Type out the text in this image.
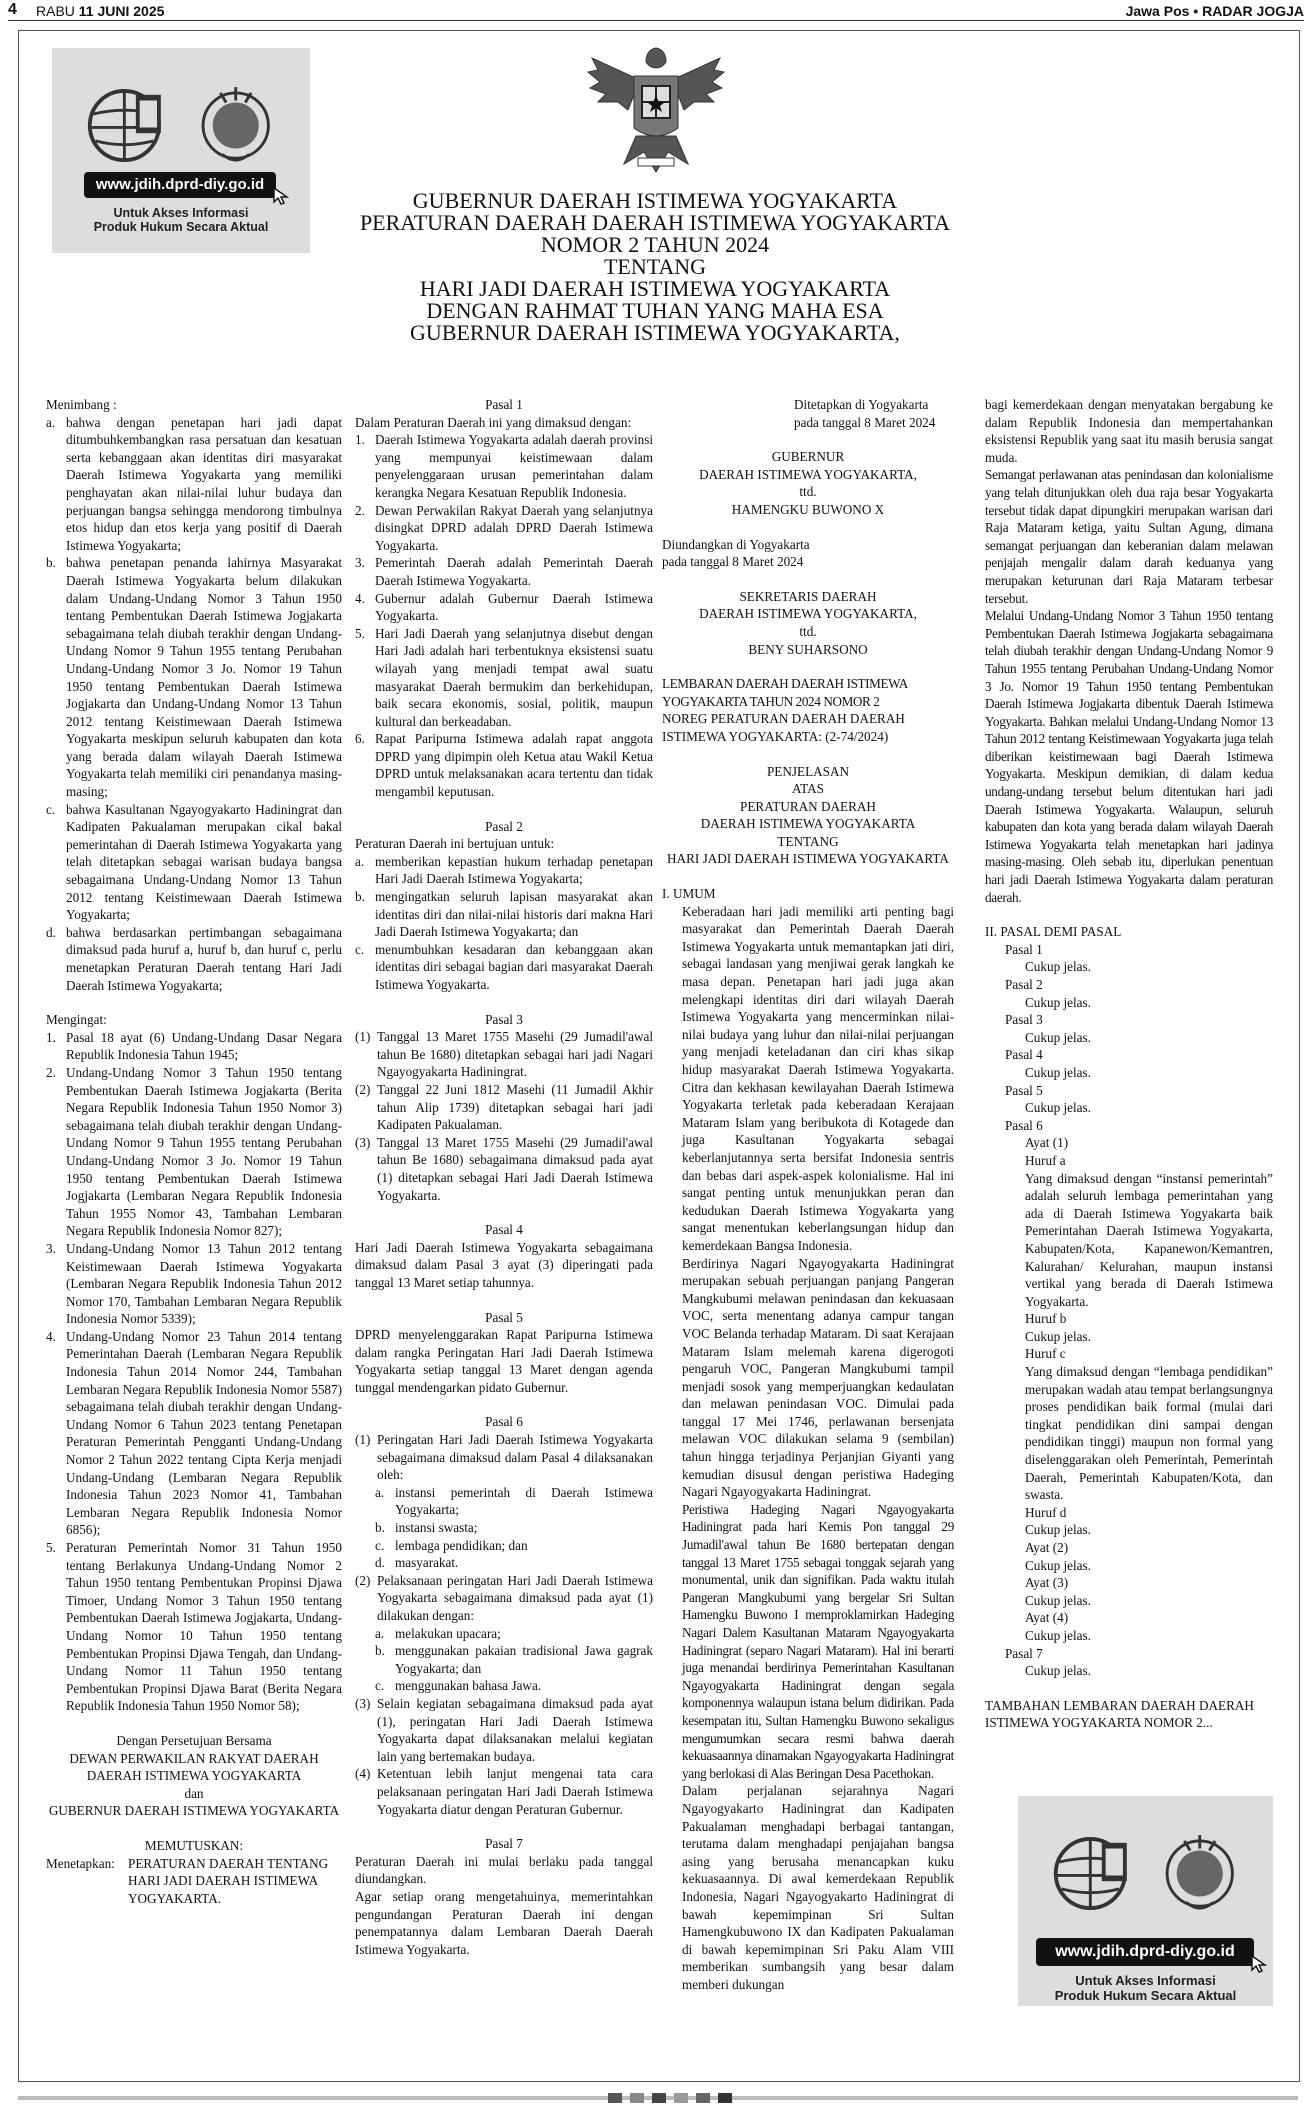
4 RABU 11 JUNI 2025	Jawa Pos • RADAR JOGJA
www.jdih.dprd-diy.go.id
Untuk Akses Informasi
Produk Hukum Secara Aktual
GUBERNUR DAERAH ISTIMEWA YOGYAKARTA
PERATURAN DAERAH DAERAH ISTIMEWA YOGYAKARTA
NOMOR 2 TAHUN 2024
TENTANG
HARI JADI DAERAH ISTIMEWA YOGYAKARTA
DENGAN RAHMAT TUHAN YANG MAHA ESA
GUBERNUR DAERAH ISTIMEWA YOGYAKARTA,
Menimbang :
a. bahwa dengan penetapan hari jadi dapat ditumbuhkembangkan rasa persatuan dan kesatuan serta kebanggaan akan identitas diri masyarakat Daerah Istimewa Yogyakarta yang memiliki penghayatan akan nilai-nilai luhur budaya dan perjuangan bangsa sehingga mendorong timbulnya etos hidup dan etos kerja yang positif di Daerah Istimewa Yogyakarta;
b. bahwa penetapan penanda lahirnya Masyarakat Daerah Istimewa Yogyakarta belum dilakukan dalam Undang-Undang Nomor 3 Tahun 1950 tentang Pembentukan Daerah Istimewa Jogjakarta sebagaimana telah diubah terakhir dengan Undang-Undang Nomor 9 Tahun 1955 tentang Perubahan Undang-Undang Nomor 3 Jo. Nomor 19 Tahun 1950 tentang Pembentukan Daerah Istimewa Jogjakarta dan Undang-Undang Nomor 13 Tahun 2012 tentang Keistimewaan Daerah Istimewa Yogyakarta meskipun seluruh kabupaten dan kota yang berada dalam wilayah Daerah Istimewa Yogyakarta telah memiliki ciri penandanya masing-masing;
c. bahwa Kasultanan Ngayogyakarto Hadiningrat dan Kadipaten Pakualaman merupakan cikal bakal pemerintahan di Daerah Istimewa Yogyakarta yang telah ditetapkan sebagai warisan budaya bangsa sebagaimana Undang-Undang Nomor 13 Tahun 2012 tentang Keistimewaan Daerah Istimewa Yogyakarta;
d. bahwa berdasarkan pertimbangan sebagaimana dimaksud pada huruf a, huruf b, dan huruf c, perlu menetapkan Peraturan Daerah tentang Hari Jadi Daerah Istimewa Yogyakarta;
Mengingat:
1. Pasal 18 ayat (6) Undang-Undang Dasar Negara Republik Indonesia Tahun 1945;
2. Undang-Undang Nomor 3 Tahun 1950 tentang Pembentukan Daerah Istimewa Jogjakarta (Berita Negara Republik Indonesia Tahun 1950 Nomor 3) sebagaimana telah diubah terakhir dengan Undang-Undang Nomor 9 Tahun 1955 tentang Perubahan Undang-Undang Nomor 3 Jo. Nomor 19 Tahun 1950 tentang Pembentukan Daerah Istimewa Jogjakarta (Lembaran Negara Republik Indonesia Tahun 1955 Nomor 43, Tambahan Lembaran Negara Republik Indonesia Nomor 827);
3. Undang-Undang Nomor 13 Tahun 2012 tentang Keistimewaan Daerah Istimewa Yogyakarta (Lembaran Negara Republik Indonesia Tahun 2012 Nomor 170, Tambahan Lembaran Negara Republik Indonesia Nomor 5339);
4. Undang-Undang Nomor 23 Tahun 2014 tentang Pemerintahan Daerah (Lembaran Negara Republik Indonesia Tahun 2014 Nomor 244, Tambahan Lembaran Negara Republik Indonesia Nomor 5587) sebagaimana telah diubah terakhir dengan Undang-Undang Nomor 6 Tahun 2023 tentang Penetapan Peraturan Pemerintah Pengganti Undang-Undang Nomor 2 Tahun 2022 tentang Cipta Kerja menjadi Undang-Undang (Lembaran Negara Republik Indonesia Tahun 2023 Nomor 41, Tambahan Lembaran Negara Republik Indonesia Nomor 6856);
5. Peraturan Pemerintah Nomor 31 Tahun 1950 tentang Berlakunya Undang-Undang Nomor 2 Tahun 1950 tentang Pembentukan Propinsi Djawa Timoer, Undang Nomor 3 Tahun 1950 tentang Pembentukan Daerah Istimewa Jogjakarta, Undang-Undang Nomor 10 Tahun 1950 tentang Pembentukan Propinsi Djawa Tengah, dan Undang-Undang Nomor 11 Tahun 1950 tentang Pembentukan Propinsi Djawa Barat (Berita Negara Republik Indonesia Tahun 1950 Nomor 58);
Dengan Persetujuan Bersama
DEWAN PERWAKILAN RAKYAT DAERAH
DAERAH ISTIMEWA YOGYAKARTA
dan
GUBERNUR DAERAH ISTIMEWA YOGYAKARTA
MEMUTUSKAN:
Menetapkan: PERATURAN DAERAH TENTANG HARI JADI DAERAH ISTIMEWA YOGYAKARTA.
Pasal 1
Dalam Peraturan Daerah ini yang dimaksud dengan:
1. Daerah Istimewa Yogyakarta adalah daerah provinsi yang mempunyai keistimewaan dalam penyelenggaraan urusan pemerintahan dalam kerangka Negara Kesatuan Republik Indonesia.
2. Dewan Perwakilan Rakyat Daerah yang selanjutnya disingkat DPRD adalah DPRD Daerah Istimewa Yogyakarta.
3. Pemerintah Daerah adalah Pemerintah Daerah Daerah Istimewa Yogyakarta.
4. Gubernur adalah Gubernur Daerah Istimewa Yogyakarta.
5. Hari Jadi Daerah yang selanjutnya disebut dengan Hari Jadi adalah hari terbentuknya eksistensi suatu wilayah yang menjadi tempat awal suatu masyarakat Daerah bermukim dan berkehidupan, baik secara ekonomis, sosial, politik, maupun kultural dan berkeadaban.
6. Rapat Paripurna Istimewa adalah rapat anggota DPRD yang dipimpin oleh Ketua atau Wakil Ketua DPRD untuk melaksanakan acara tertentu dan tidak mengambil keputusan.
Pasal 2
Peraturan Daerah ini bertujuan untuk:
a. memberikan kepastian hukum terhadap penetapan Hari Jadi Daerah Istimewa Yogyakarta;
b. mengingatkan seluruh lapisan masyarakat akan identitas diri dan nilai-nilai historis dari makna Hari Jadi Daerah Istimewa Yogyakarta; dan
c. menumbuhkan kesadaran dan kebanggaan akan identitas diri sebagai bagian dari masyarakat Daerah Istimewa Yogyakarta.
Pasal 3
(1) Tanggal 13 Maret 1755 Masehi (29 Jumadil'awal tahun Be 1680) ditetapkan sebagai hari jadi Nagari Ngayogyakarta Hadiningrat.
(2) Tanggal 22 Juni 1812 Masehi (11 Jumadil Akhir tahun Alip 1739) ditetapkan sebagai hari jadi Kadipaten Pakualaman.
(3) Tanggal 13 Maret 1755 Masehi (29 Jumadil'awal tahun Be 1680) sebagaimana dimaksud pada ayat (1) ditetapkan sebagai Hari Jadi Daerah Istimewa Yogyakarta.
Pasal 4
Hari Jadi Daerah Istimewa Yogyakarta sebagaimana dimaksud dalam Pasal 3 ayat (3) diperingati pada tanggal 13 Maret setiap tahunnya.
Pasal 5
DPRD menyelenggarakan Rapat Paripurna Istimewa dalam rangka Peringatan Hari Jadi Daerah Istimewa Yogyakarta setiap tanggal 13 Maret dengan agenda tunggal mendengarkan pidato Gubernur.
Pasal 6
(1) Peringatan Hari Jadi Daerah Istimewa Yogyakarta sebagaimana dimaksud dalam Pasal 4 dilaksanakan oleh:
a. instansi pemerintah di Daerah Istimewa Yogyakarta;
b. instansi swasta;
c. lembaga pendidikan; dan
d. masyarakat.
(2) Pelaksanaan peringatan Hari Jadi Daerah Istimewa Yogyakarta sebagaimana dimaksud pada ayat (1) dilakukan dengan:
a. melakukan upacara;
b. menggunakan pakaian tradisional Jawa gagrak Yogyakarta; dan
c. menggunakan bahasa Jawa.
(3) Selain kegiatan sebagaimana dimaksud pada ayat (1), peringatan Hari Jadi Daerah Istimewa Yogyakarta dapat dilaksanakan melalui kegiatan lain yang bertemakan budaya.
(4) Ketentuan lebih lanjut mengenai tata cara pelaksanaan peringatan Hari Jadi Daerah Istimewa Yogyakarta diatur dengan Peraturan Gubernur.
Pasal 7
Peraturan Daerah ini mulai berlaku pada tanggal diundangkan.
Agar setiap orang mengetahuinya, memerintahkan pengundangan Peraturan Daerah ini dengan penempatannya dalam Lembaran Daerah Daerah Istimewa Yogyakarta.
Ditetapkan di Yogyakarta
pada tanggal 8 Maret 2024
GUBERNUR
DAERAH ISTIMEWA YOGYAKARTA,
ttd.
HAMENGKU BUWONO X
Diundangkan di Yogyakarta
pada tanggal 8 Maret 2024
SEKRETARIS DAERAH
DAERAH ISTIMEWA YOGYAKARTA,
ttd.
BENY SUHARSONO
LEMBARAN DAERAH DAERAH ISTIMEWA YOGYAKARTA TAHUN 2024 NOMOR 2
NOREG PERATURAN DAERAH DAERAH ISTIMEWA YOGYAKARTA: (2-74/2024)
PENJELASAN
ATAS
PERATURAN DAERAH
DAERAH ISTIMEWA YOGYAKARTA
TENTANG
HARI JADI DAERAH ISTIMEWA YOGYAKARTA
I. UMUM
Keberadaan hari jadi memiliki arti penting bagi masyarakat dan Pemerintah Daerah Daerah Istimewa Yogyakarta untuk memantapkan jati diri, sebagai landasan yang menjiwai gerak langkah ke masa depan. Penetapan hari jadi juga akan melengkapi identitas diri dari wilayah Daerah Istimewa Yogyakarta yang mencerminkan nilai-nilai budaya yang luhur dan nilai-nilai perjuangan yang menjadi keteladanan dan ciri khas sikap hidup masyarakat Daerah Istimewa Yogyakarta. Citra dan kekhasan kewilayahan Daerah Istimewa Yogyakarta terletak pada keberadaan Kerajaan Mataram Islam yang beribukota di Kotagede dan juga Kasultanan Yogyakarta sebagai keberlanjutannya serta bersifat Indonesia sentris dan bebas dari aspek-aspek kolonialisme. Hal ini sangat penting untuk menunjukkan peran dan kedudukan Daerah Istimewa Yogyakarta yang sangat menentukan keberlangsungan hidup dan kemerdekaan Bangsa Indonesia.
Berdirinya Nagari Ngayogyakarta Hadiningrat merupakan sebuah perjuangan panjang Pangeran Mangkubumi melawan penindasan dan kekuasaan VOC, serta menentang adanya campur tangan VOC Belanda terhadap Mataram. Di saat Kerajaan Mataram Islam melemah karena digerogoti pengaruh VOC, Pangeran Mangkubumi tampil menjadi sosok yang memperjuangkan kedaulatan dan melawan penindasan VOC. Dimulai pada tanggal 17 Mei 1746, perlawanan bersenjata melawan VOC dilakukan selama 9 (sembilan) tahun hingga terjadinya Perjanjian Giyanti yang kemudian disusul dengan peristiwa Hadeging Nagari Ngayogyakarta Hadiningrat.
Peristiwa Hadeging Nagari Ngayogyakarta Hadiningrat pada hari Kemis Pon tanggal 29 Jumadil'awal tahun Be 1680 bertepatan dengan tanggal 13 Maret 1755 sebagai tonggak sejarah yang monumental, unik dan signifikan. Pada waktu itulah Pangeran Mangkubumi yang bergelar Sri Sultan Hamengku Buwono I memproklamirkan Hadeging Nagari Dalem Kasultanan Mataram Ngayogyakarta Hadiningrat (separo Nagari Mataram). Hal ini berarti juga menandai berdirinya Pemerintahan Kasultanan Ngayogyakarta Hadiningrat dengan segala komponennya walaupun istana belum didirikan. Pada kesempatan itu, Sultan Hamengku Buwono sekaligus mengumumkan secara resmi bahwa daerah kekuasaannya dinamakan Ngayogyakarta Hadiningrat yang berlokasi di Alas Beringan Desa Pacethokan.
Dalam perjalanan sejarahnya Nagari Ngayogyakarto Hadiningrat dan Kadipaten Pakualaman menghadapi berbagai tantangan, terutama dalam menghadapi penjajahan bangsa asing yang berusaha menancapkan kuku kekuasaannya. Di awal kemerdekaan Republik Indonesia, Nagari Ngayogyakarto Hadiningrat di bawah kepemimpinan Sri Sultan Hamengkubuwono IX dan Kadipaten Pakualaman di bawah kepemimpinan Sri Paku Alam VIII memberikan sumbangsih yang besar dalam memberi dukungan
bagi kemerdekaan dengan menyatakan bergabung ke dalam Republik Indonesia dan mempertahankan eksistensi Republik yang saat itu masih berusia sangat muda.
Semangat perlawanan atas penindasan dan kolonialisme yang telah ditunjukkan oleh dua raja besar Yogyakarta tersebut tidak dapat dipungkiri merupakan warisan dari Raja Mataram ketiga, yaitu Sultan Agung, dimana semangat perjuangan dan keberanian dalam melawan penjajah mengalir dalam darah keduanya yang merupakan keturunan dari Raja Mataram terbesar tersebut.
Melalui Undang-Undang Nomor 3 Tahun 1950 tentang Pembentukan Daerah Istimewa Jogjakarta sebagaimana telah diubah terakhir dengan Undang-Undang Nomor 9 Tahun 1955 tentang Perubahan Undang-Undang Nomor 3 Jo. Nomor 19 Tahun 1950 tentang Pembentukan Daerah Istimewa Jogjakarta dibentuk Daerah Istimewa Yogyakarta. Bahkan melalui Undang-Undang Nomor 13 Tahun 2012 tentang Keistimewaan Yogyakarta juga telah diberikan keistimewaan bagi Daerah Istimewa Yogyakarta. Meskipun demikian, di dalam kedua undang-undang tersebut belum ditentukan hari jadi Daerah Istimewa Yogyakarta. Walaupun, seluruh kabupaten dan kota yang berada dalam wilayah Daerah Istimewa Yogyakarta telah menetapkan hari jadinya masing-masing. Oleh sebab itu, diperlukan penentuan hari jadi Daerah Istimewa Yogyakarta dalam peraturan daerah.
II. PASAL DEMI PASAL
Pasal 1
Cukup jelas.
Pasal 2
Cukup jelas.
Pasal 3
Cukup jelas.
Pasal 4
Cukup jelas.
Pasal 5
Cukup jelas.
Pasal 6
Ayat (1)
Huruf a
Yang dimaksud dengan “instansi pemerintah” adalah seluruh lembaga pemerintahan yang ada di Daerah Istimewa Yogyakarta baik Pemerintahan Daerah Istimewa Yogyakarta, Kabupaten/Kota, Kapanewon/Kemantren, Kalurahan/ Kelurahan, maupun instansi vertikal yang berada di Daerah Istimewa Yogyakarta.
Huruf b
Cukup jelas.
Huruf c
Yang dimaksud dengan “lembaga pendidikan” merupakan wadah atau tempat berlangsungnya proses pendidikan baik formal (mulai dari tingkat pendidikan dini sampai dengan pendidikan tinggi) maupun non formal yang diselenggarakan oleh Pemerintah, Pemerintah Daerah, Pemerintah Kabupaten/Kota, dan swasta.
Huruf d
Cukup jelas.
Ayat (2)
Cukup jelas.
Ayat (3)
Cukup jelas.
Ayat (4)
Cukup jelas.
Pasal 7
Cukup jelas.
TAMBAHAN LEMBARAN DAERAH DAERAH ISTIMEWA YOGYAKARTA NOMOR 2...
www.jdih.dprd-diy.go.id
Untuk Akses Informasi
Produk Hukum Secara Aktual
